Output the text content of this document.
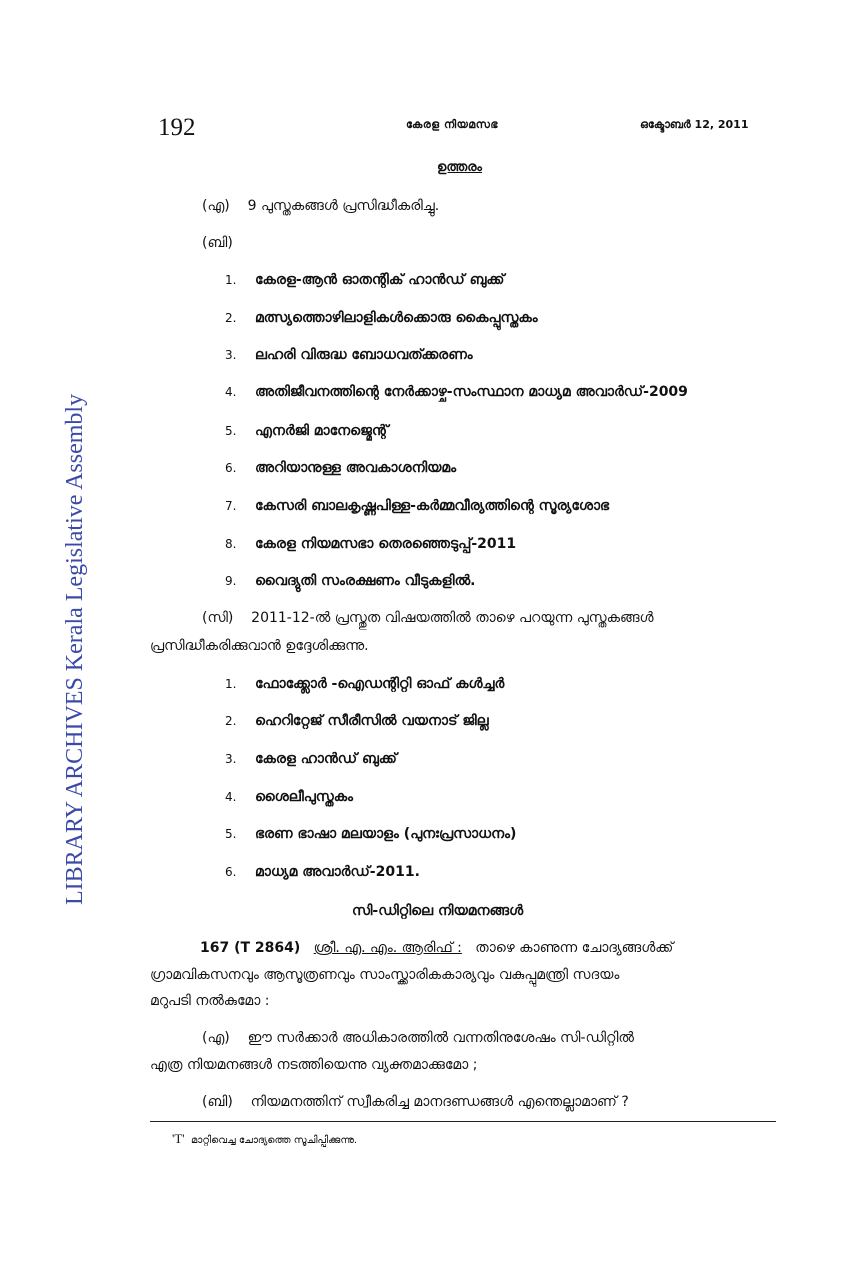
192	കേരള നിയമസഭ	ഒക്ടോബർ 12, 2011
LIBRARY ARCHIVES Kerala Legislative Assembly
ഉത്തരം
(എ) 9 പുസ്തകങ്ങൾ പ്രസിദ്ധീകരിച്ചു.
(ബി)
1. കേരള-ആൻ ഓതന്റിക് ഹാൻഡ് ബുക്ക്
2. മത്സ്യത്തൊഴിലാളികൾക്കൊരു കൈപ്പുസ്തകം
3. ലഹരി വിരുദ്ധ ബോധവത്ക്കരണം
4. അതിജീവനത്തിന്റെ നേർക്കാഴ്ച-സംസ്ഥാന മാധ്യമ അവാർഡ്-2009
5. എനർജി മാനേജ്മെന്റ്
6. അറിയാനുള്ള അവകാശനിയമം
7. കേസരി ബാലകൃഷ്ണപിള്ള-കർമ്മവീര്യത്തിന്റെ സൂര്യശോഭ
8. കേരള നിയമസഭാ തെരഞ്ഞെടുപ്പ്-2011
9. വൈദ്യുതി സംരക്ഷണം വീടുകളിൽ.
(സി) 2011-12-ൽ പ്രസ്തുത വിഷയത്തിൽ താഴെ പറയുന്ന പുസ്തകങ്ങൾ
പ്രസിദ്ധീകരിക്കുവാൻ ഉദ്ദേശിക്കുന്നു.
1. ഫോക്ക്ലോർ -ഐഡന്റിറ്റി ഓഫ് കൾച്ചർ
2. ഹെറിറ്റേജ് സീരീസിൽ വയനാട് ജില്ല
3. കേരള ഹാൻഡ് ബുക്ക്
4. ശൈലീപുസ്തകം
5. ഭരണ ഭാഷാ മലയാളം (പുനഃപ്രസാധനം)
6. മാധ്യമ അവാർഡ്-2011.
സി-ഡിറ്റിലെ നിയമനങ്ങൾ
167 (T 2864) ശ്രീ. എ. എം. ആരിഫ് : താഴെ കാണുന്ന ചോദ്യങ്ങൾക്ക്
ഗ്രാമവികസനവും ആസൂത്രണവും സാംസ്ക്കാരികകാര്യവും വകുപ്പുമന്ത്രി സദയം
മറുപടി നൽകുമോ :
(എ) ഈ സർക്കാർ അധികാരത്തിൽ വന്നതിനുശേഷം സി-ഡിറ്റിൽ
എത്ര നിയമനങ്ങൾ നടത്തിയെന്നു വ്യക്തമാക്കുമോ ;
(ബി) നിയമനത്തിന് സ്വീകരിച്ച മാനദണ്ഡങ്ങൾ എന്തെല്ലാമാണ് ?
'T' മാറ്റിവെച്ച ചോദ്യത്തെ സൂചിപ്പിക്കുന്നു.
